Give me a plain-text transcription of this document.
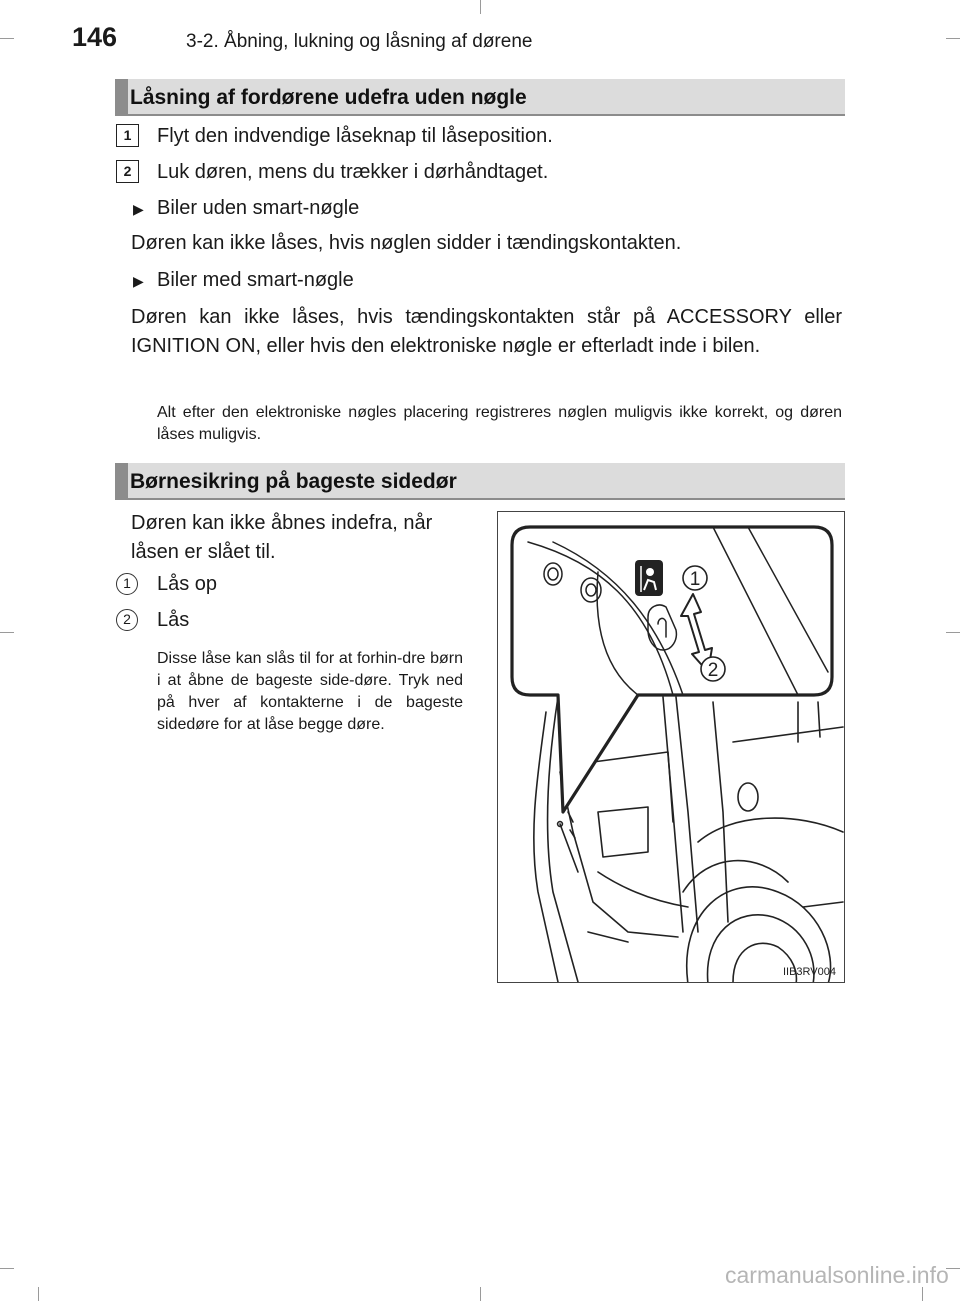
146	3-2. Åbning, lukning og låsning af dørene
Låsning af fordørene udefra uden nøgle
1	Flyt den indvendige låseknap til låseposition.
2	Luk døren, mens du trækker i dørhåndtaget.
▶ Biler uden smart-nøgle
Døren kan ikke låses, hvis nøglen sidder i tændingskontakten.
▶ Biler med smart-nøgle
Døren kan ikke låses, hvis tændingskontakten står på ACCESSORY eller IGNITION ON, eller hvis den elektroniske nøgle er efterladt inde i bilen.
Alt efter den elektroniske nøgles placering registreres nøglen muligvis ikke korrekt, og døren låses muligvis.
Børnesikring på bageste sidedør
Døren kan ikke åbnes indefra, når låsen er slået til.
1	Lås op
2	Lås
Disse låse kan slås til for at forhin-dre børn i at åbne de bageste side-døre. Tryk ned på hver af kontakterne i de bageste sidedøre for at låse begge døre.
1
2
IIB3RV004
carmanualsonline.info
